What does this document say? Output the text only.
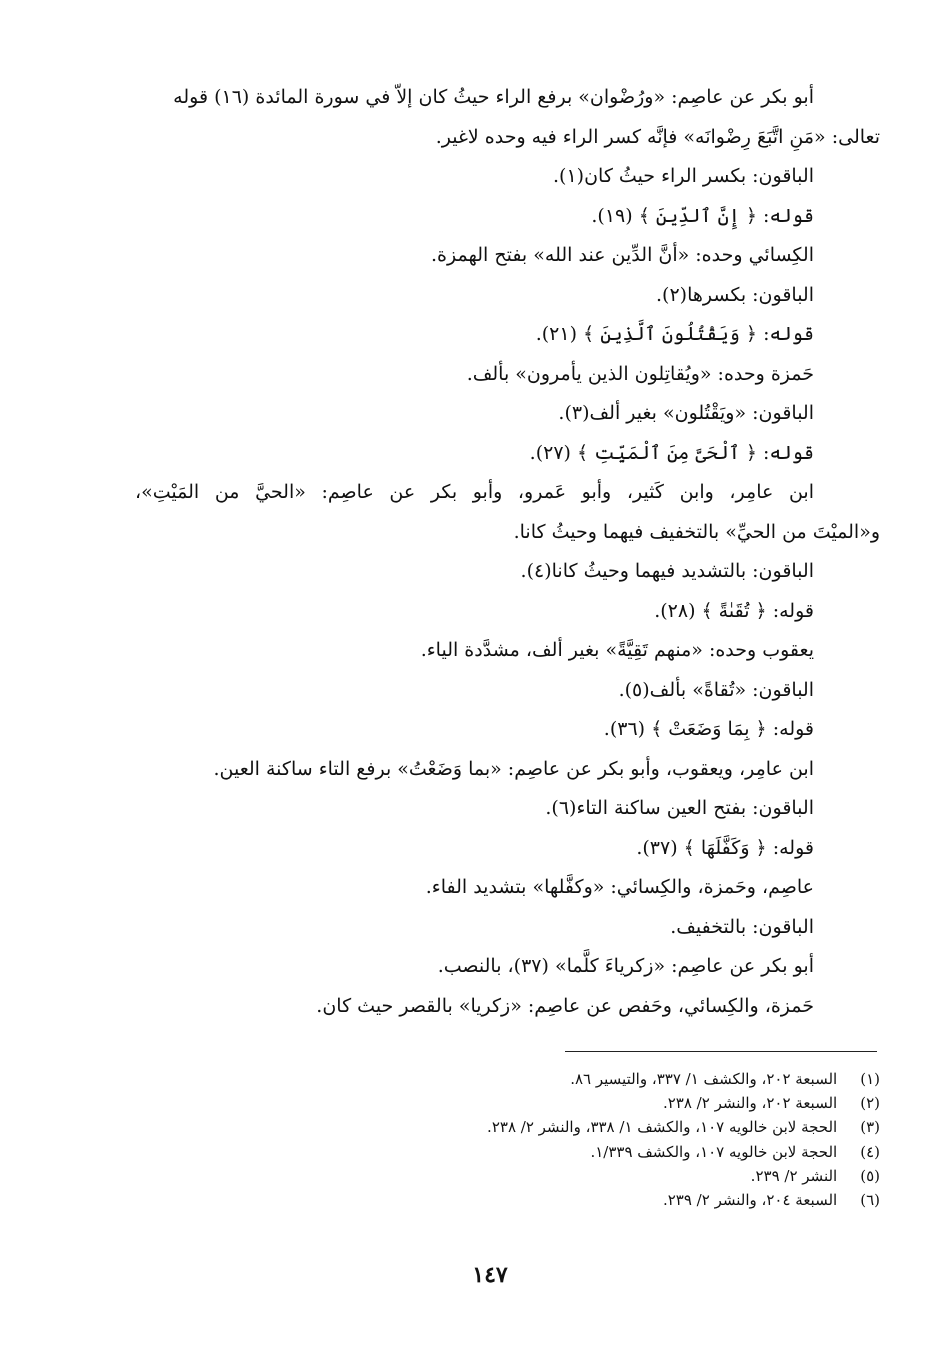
أبو بكر عن عاصِم: «ورُضْوان» برفع الراء حيثُ كان إلاّ في سورة المائدة (١٦) قوله
تعالى: «مَنِ اتَّبَعَ رِضْوانَه» فإنَّه كسر الراء فيه وحده لاغير.
الباقون: بكسر الراء حيثُ كان(١).
قوله: ﴿ إِنَّ ٱلدِّينَ ﴾ (١٩).
الكِسائي وحده: «أنَّ الدِّين عند الله» بفتح الهمزة.
الباقون: بكسرها(٢).
قوله: ﴿ وَيَقْتُلُونَ ٱلَّذِينَ ﴾ (٢١).
حَمزة وحده: «ويُقاتِلون الذين يأمرون» بألف.
الباقون: «ويَقْتُلون» بغير ألف(٣).
قوله: ﴿ ٱلْحَىَّ مِنَ ٱلْمَيِّتِ ﴾ (٢٧).
ابن عامِر، وابن كَثير، وأبو عَمرو، وأبو بكر عن عاصِم: «الحيَّ من المَيْتِ»،
و«الميْتَ من الحيِّ» بالتخفيف فيهما وحيثُ كانا.
الباقون: بالتشديد فيهما وحيثُ كانا(٤).
قوله: ﴿ تُقَىٰةً ﴾ (٢٨).
يعقوب وحده: «منهم تَقِيَّةً» بغير ألف، مشدَّدة الياء.
الباقون: «تُقاةً» بألف(٥).
قوله: ﴿ بِمَا وَضَعَتْ ﴾ (٣٦).
ابن عامِر، ويعقوب، وأبو بكر عن عاصِم: «بما وَضَعْتُ» برفع التاء ساكنة العين.
الباقون: بفتح العين ساكنة التاء(٦).
قوله: ﴿ وَكَفَّلَهَا ﴾ (٣٧).
عاصِم، وحَمزة، والكِسائي: «وكفَّلها» بتشديد الفاء.
الباقون: بالتخفيف.
أبو بكر عن عاصِم: «زكرياءَ كلَّما» (٣٧)، بالنصب.
حَمزة، والكِسائي، وحَفص عن عاصِم: «زكريا» بالقصر حيث كان.
(١) السبعة ٢٠٢، والكشف ١/ ٣٣٧، والتيسير ٨٦.
(٢) السبعة ٢٠٢، والنشر ٢/ ٢٣٨.
(٣) الحجة لابن خالويه ١٠٧، والكشف ١/ ٣٣٨، والنشر ٢/ ٢٣٨.
(٤) الحجة لابن خالويه ١٠٧، والكشف ١/٣٣٩.
(٥) النشر ٢/ ٢٣٩.
(٦) السبعة ٢٠٤، والنشر ٢/ ٢٣٩.
١٤٧
